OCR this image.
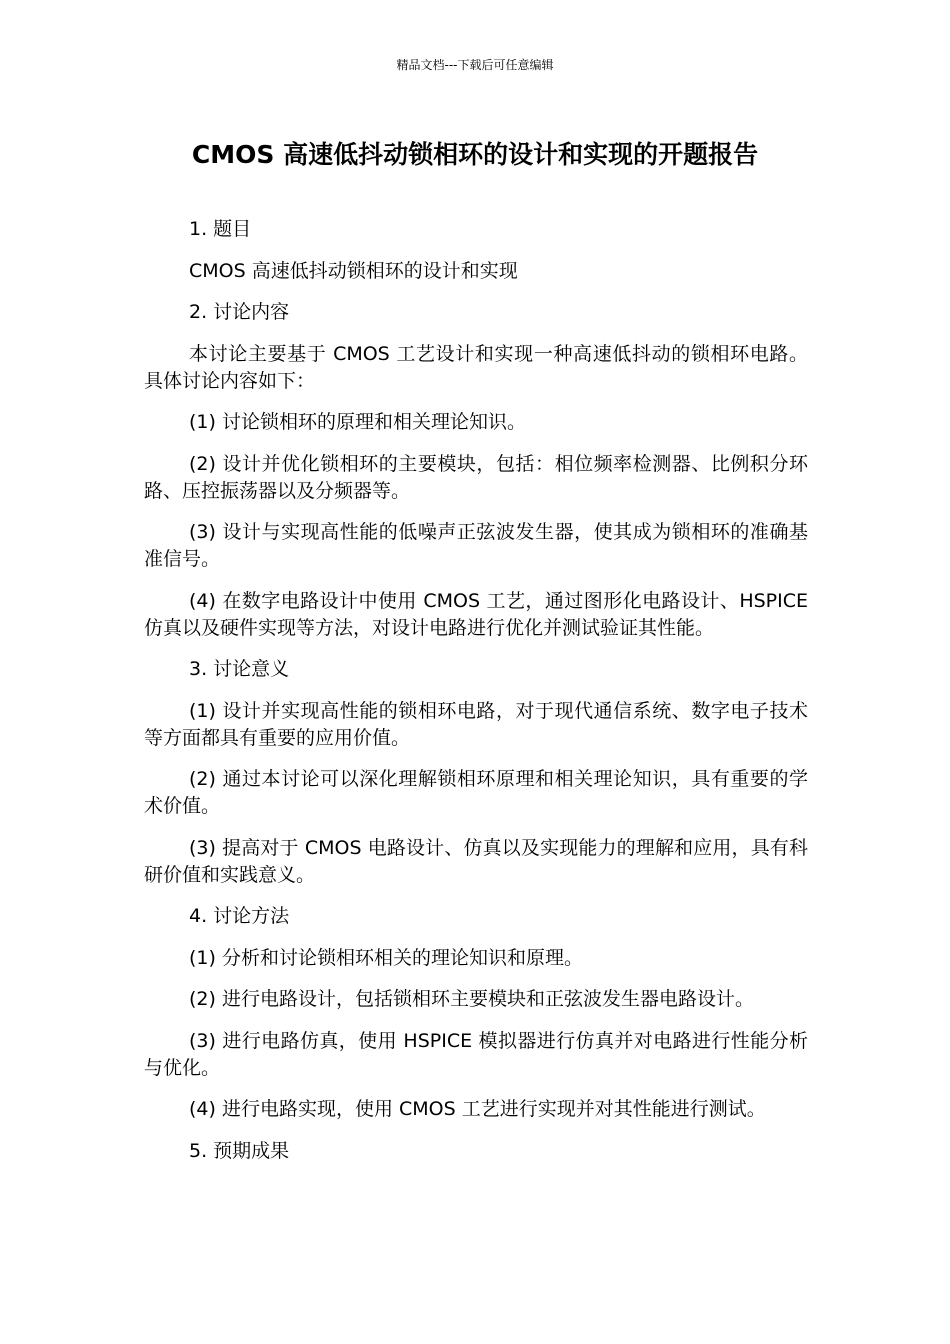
精品文档---下载后可任意编辑
CMOS 高速低抖动锁相环的设计和实现的开题报告

1. 题目

CMOS 高速低抖动锁相环的设计和实现

2. 讨论内容

本讨论主要基于 CMOS 工艺设计和实现一种高速低抖动的锁相环电路。具体讨论内容如下：

(1) 讨论锁相环的原理和相关理论知识。

(2) 设计并优化锁相环的主要模块，包括：相位频率检测器、比例积分环路、压控振荡器以及分频器等。

(3) 设计与实现高性能的低噪声正弦波发生器，使其成为锁相环的准确基准信号。

(4) 在数字电路设计中使用 CMOS 工艺，通过图形化电路设计、HSPICE 仿真以及硬件实现等方法，对设计电路进行优化并测试验证其性能。

3. 讨论意义

(1) 设计并实现高性能的锁相环电路，对于现代通信系统、数字电子技术等方面都具有重要的应用价值。

(2) 通过本讨论可以深化理解锁相环原理和相关理论知识，具有重要的学术价值。

(3) 提高对于 CMOS 电路设计、仿真以及实现能力的理解和应用，具有科研价值和实践意义。

4. 讨论方法

(1) 分析和讨论锁相环相关的理论知识和原理。

(2) 进行电路设计，包括锁相环主要模块和正弦波发生器电路设计。

(3) 进行电路仿真，使用 HSPICE 模拟器进行仿真并对电路进行性能分析与优化。

(4) 进行电路实现，使用 CMOS 工艺进行实现并对其性能进行测试。

5. 预期成果
